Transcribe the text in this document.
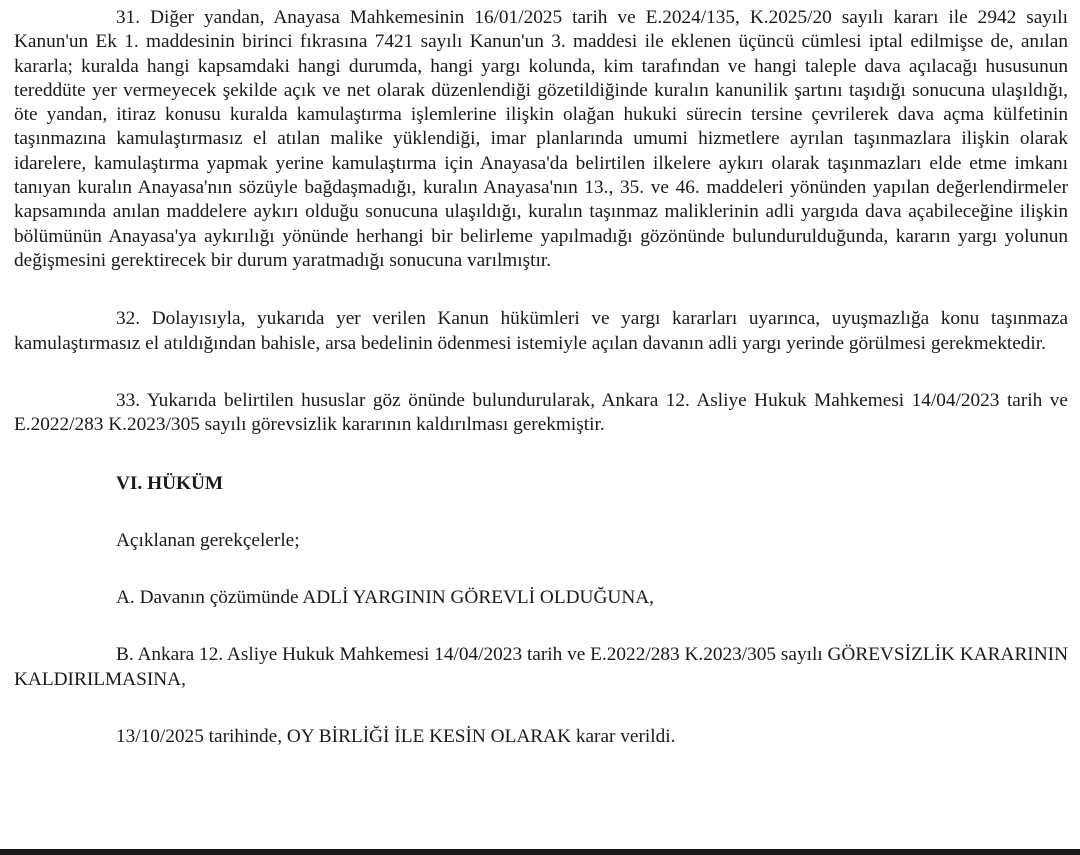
31. Diğer yandan, Anayasa Mahkemesinin 16/01/2025 tarih ve E.2024/135, K.2025/20 sayılı kararı ile 2942 sayılı Kanun'un Ek 1. maddesinin birinci fıkrasına 7421 sayılı Kanun'un 3. maddesi ile eklenen üçüncü cümlesi iptal edilmişse de, anılan kararla; kuralda hangi kapsamdaki hangi durumda, hangi yargı kolunda, kim tarafından ve hangi taleple dava açılacağı hususunun tereddüte yer vermeyecek şekilde açık ve net olarak düzenlendiği gözetildiğinde kuralın kanunilik şartını taşıdığı sonucuna ulaşıldığı, öte yandan, itiraz konusu kuralda kamulaştırma işlemlerine ilişkin olağan hukuki sürecin tersine çevrilerek dava açma külfetinin taşınmazına kamulaştırmasız el atılan malike yüklendiği, imar planlarında umumi hizmetlere ayrılan taşınmazlara ilişkin olarak idarelere, kamulaştırma yapmak yerine kamulaştırma için Anayasa'da belirtilen ilkelere aykırı olarak taşınmazları elde etme imkanı tanıyan kuralın Anayasa'nın sözüyle bağdaşmadığı, kuralın Anayasa'nın 13., 35. ve 46. maddeleri yönünden yapılan değerlendirmeler kapsamında anılan maddelere aykırı olduğu sonucuna ulaşıldığı, kuralın taşınmaz maliklerinin adli yargıda dava açabileceğine ilişkin bölümünün Anayasa'ya aykırılığı yönünde herhangi bir belirleme yapılmadığı gözönünde bulundurulduğunda, kararın yargı yolunun değişmesini gerektirecek bir durum yaratmadığı sonucuna varılmıştır.

32. Dolayısıyla, yukarıda yer verilen Kanun hükümleri ve yargı kararları uyarınca, uyuşmazlığa konu taşınmaza kamulaştırmasız el atıldığından bahisle, arsa bedelinin ödenmesi istemiyle açılan davanın adli yargı yerinde görülmesi gerekmektedir.

33. Yukarıda belirtilen hususlar göz önünde bulundurularak, Ankara 12. Asliye Hukuk Mahkemesi 14/04/2023 tarih ve E.2022/283 K.2023/305 sayılı görevsizlik kararının kaldırılması gerekmiştir.

VI. HÜKÜM
Açıklanan gerekçelerle;
A. Davanın çözümünde ADLİ YARGININ GÖREVLİ OLDUĞUNA,

B. Ankara 12. Asliye Hukuk Mahkemesi 14/04/2023 tarih ve E.2022/283 K.2023/305 sayılı GÖREVSİZLİK KARARININ KALDIRILMASINA,

13/10/2025 tarihinde, OY BİRLİĞİ İLE KESİN OLARAK karar verildi.
